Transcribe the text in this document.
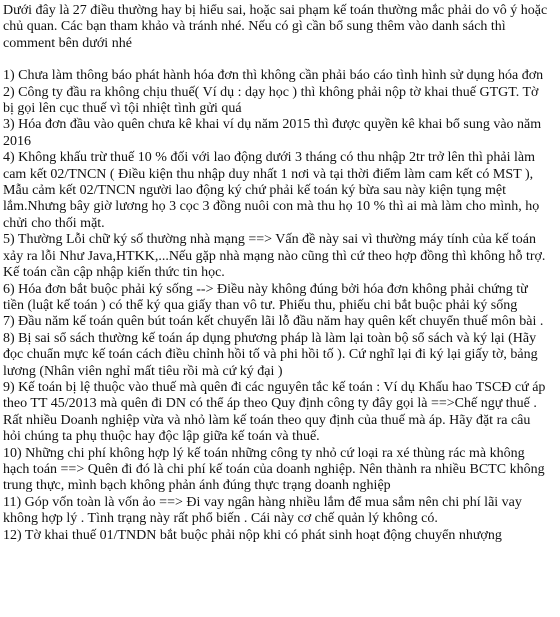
Dưới đây là 27 điều thường hay bị hiểu sai, hoặc sai phạm kế toán thường mắc phải do vô ý hoặc chủ quan. Các bạn tham khảo và tránh nhé. Nếu có gì cần bổ sung thêm vào danh sách thì comment bên dưới nhé

1) Chưa làm thông báo phát hành hóa đơn thì không cần phải báo cáo tình hình sử dụng hóa đơn

2) Công ty đầu ra không chịu thuế( Ví dụ : dạy học ) thì không phải nộp tờ khai thuế GTGT. Tờ bị gọi lên cục thuế vì tội nhiệt tình gửi quá

3) Hóa đơn đầu vào quên chưa kê khai ví dụ năm 2015 thì được quyền kê khai bổ sung vào năm 2016

4) Không khấu trừ thuế 10 % đối với lao động dưới 3 tháng có thu nhập 2tr trở lên thì phải làm cam kết 02/TNCN ( Điều kiện thu nhập duy nhất 1 nơi và tại thời điểm làm cam kết có MST ), Mẫu cảm kết 02/TNCN người lao động ký chứ phải kế toán ký bừa sau này kiện tụng mệt lắm.Nhưng bây giờ lương họ 3 cọc 3 đồng nuôi con mà thu họ 10 % thì ai mà làm cho mình, họ chửi cho thối mặt.

5) Thường Lỗi chữ ký số thường nhà mạng ==> Vấn đề này sai vì thường máy tính của kế toán xảy ra lỗi Như Java,HTKK,...Nếu gặp nhà mạng nào cũng thì cứ theo hợp đồng thì không hỗ trợ. Kế toán cần cập nhập kiến thức tin học.

6) Hóa đơn bắt buộc phải ký sống --> Điều này không đúng bởi hóa đơn không phải chứng từ tiền (luật kế toán ) có thể ký qua giấy than vô tư. Phiếu thu, phiếu chi bắt buộc phải ký sống

7) Đầu năm kế toán quên bút toán kết chuyển lãi lỗ đầu năm hay quên kết chuyển thuế môn bài .

8) Bị sai sổ sách thường kế toán áp dụng phương pháp là làm lại toàn bộ sổ sách và ký lại (Hãy đọc chuẩn mực kế toán cách điều chỉnh hồi tố và phi hồi tố ). Cứ nghĩ lại đi ký lại giấy tờ, bảng lương (Nhân viên nghỉ mất tiêu rồi mà cứ ký đại )

9) Kế toán bị lệ thuộc vào thuế mà quên đi các nguyên tắc kế toán : Ví dụ Khấu hao TSCĐ cứ áp theo TT 45/2013 mà quên đi DN có thể áp theo Quy định công ty đây gọi là ==>Chế ngự thuế . Rất nhiều Doanh nghiệp vừa và nhỏ làm kế toán theo quy định của thuế mà áp. Hãy đặt ra câu hỏi chúng ta phụ thuộc hay độc lập giữa kế toán và thuế.

10) Những chi phí không hợp lý kế toán những công ty nhỏ cứ loại ra xé thùng rác mà không hạch toán ==> Quên đi đó là chi phí kế toán của doanh nghiệp. Nên thành ra nhiều BCTC không trung thực, mình bạch không phản ánh đúng thực trạng doanh nghiệp

11) Góp vốn toàn là vốn ảo ==> Đi vay ngân hàng nhiều lắm để mua sắm nên chi phí lãi vay không hợp lý . Tình trạng này rất phổ biến . Cái này cơ chế quản lý không có.

12) Tờ khai thuế 01/TNDN bắt buộc phải nộp khi có phát sinh hoạt động chuyển nhượng
